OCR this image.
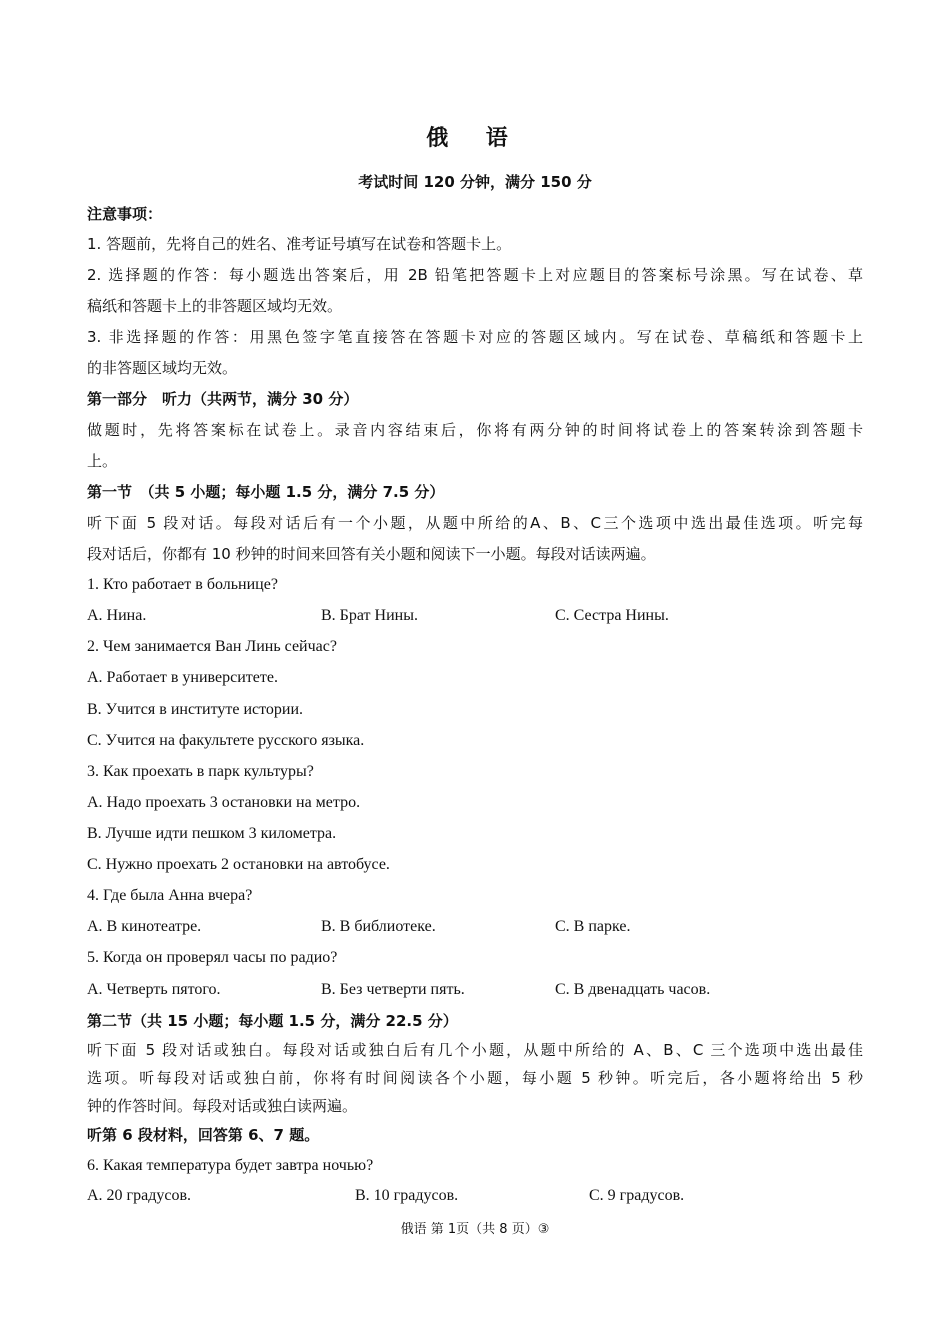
俄 语
考试时间 120 分钟，满分 150 分
注意事项：
1. 答题前，先将自己的姓名、准考证号填写在试卷和答题卡上。
2. 选择题的作答：每小题选出答案后，用 2B 铅笔把答题卡上对应题目的答案标号涂黑。写在试卷、草
稿纸和答题卡上的非答题区域均无效。
3. 非选择题的作答：用黑色签字笔直接答在答题卡对应的答题区域内。写在试卷、草稿纸和答题卡上
的非答题区域均无效。
第一部分　听力（共两节，满分 30 分）
做题时，先将答案标在试卷上。录音内容结束后，你将有两分钟的时间将试卷上的答案转涂到答题卡
上。
第一节　（共 5 小题；每小题 1.5 分，满分 7.5 分）
听下面 5 段对话。每段对话后有一个小题，从题中所给的A、B、C三个选项中选出最佳选项。听完每
段对话后，你都有 10 秒钟的时间来回答有关小题和阅读下一小题。每段对话读两遍。
1. Кто работает в больнице?
A. Нина.	B. Брат Нины.	C. Сестра Нины.
2. Чем занимается Ван Линь сейчас?
A. Работает в университете.
B. Учится в институте истории.
C. Учится на факультете русского языка.
3. Как проехать в парк культуры?
A. Надо проехать 3 остановки на метро.
B. Лучше идти пешком 3 километра.
C. Нужно проехать 2 остановки на автобусе.
4. Где была Анна вчера?
A. В кинотеатре.	B. В библиотеке.	C. В парке.
5. Когда он проверял часы по радио?
A. Четверть пятого.	B. Без четверти пять.	C. В двенадцать часов.
第二节（共 15 小题；每小题 1.5 分，满分 22.5 分）
听下面 5 段对话或独白。每段对话或独白后有几个小题，从题中所给的 A、B、C 三个选项中选出最佳
选项。听每段对话或独白前，你将有时间阅读各个小题，每小题 5 秒钟。听完后，各小题将给出 5 秒
钟的作答时间。每段对话或独白读两遍。
听第 6 段材料，回答第 6、7 题。
6. Какая температура будет завтра ночью?
A. 20 градусов.	B. 10 градусов.	C. 9 градусов.
俄语 第 1页（共 8 页）③
